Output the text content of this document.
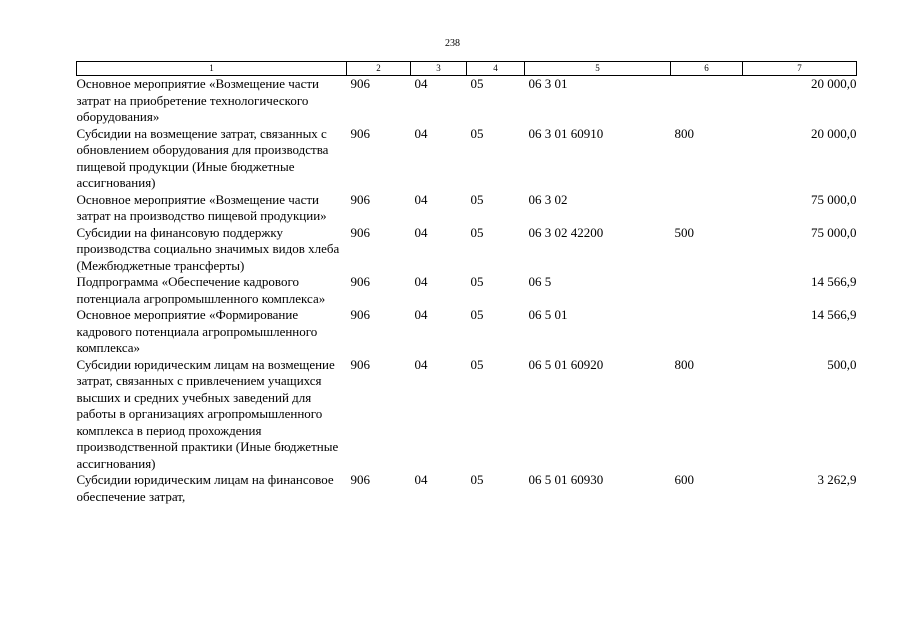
238
1	2	3	4	5	6	7
Основное мероприятие «Возмещение части затрат на приобретение технологического оборудования»	906	04	05	06 3 01		20 000,0
Субсидии на возмещение затрат, связанных с обновлением оборудования для производства пищевой продукции (Иные бюджетные ассигнования)	906	04	05	06 3 01 60910	800	20 000,0
Основное мероприятие «Возмещение части затрат на производство пищевой продукции»	906	04	05	06 3 02		75 000,0
Субсидии на финансовую поддержку производства социально значимых видов хлеба (Межбюджетные трансферты)	906	04	05	06 3 02 42200	500	75 000,0
Подпрограмма «Обеспечение кадрового потенциала агропромышленного комплекса»	906	04	05	06 5		14 566,9
Основное мероприятие «Формирование кадрового потенциала агропромышленного комплекса»	906	04	05	06 5 01		14 566,9
Субсидии юридическим лицам на возмещение затрат, связанных с привлечением учащихся высших и средних учебных заведений для работы в организациях агропромышленного комплекса в период прохождения производственной практики (Иные бюджетные ассигнования)	906	04	05	06 5 01 60920	800	500,0
Субсидии юридическим лицам на финансовое обеспечение затрат,	906	04	05	06 5 01 60930	600	3 262,9
